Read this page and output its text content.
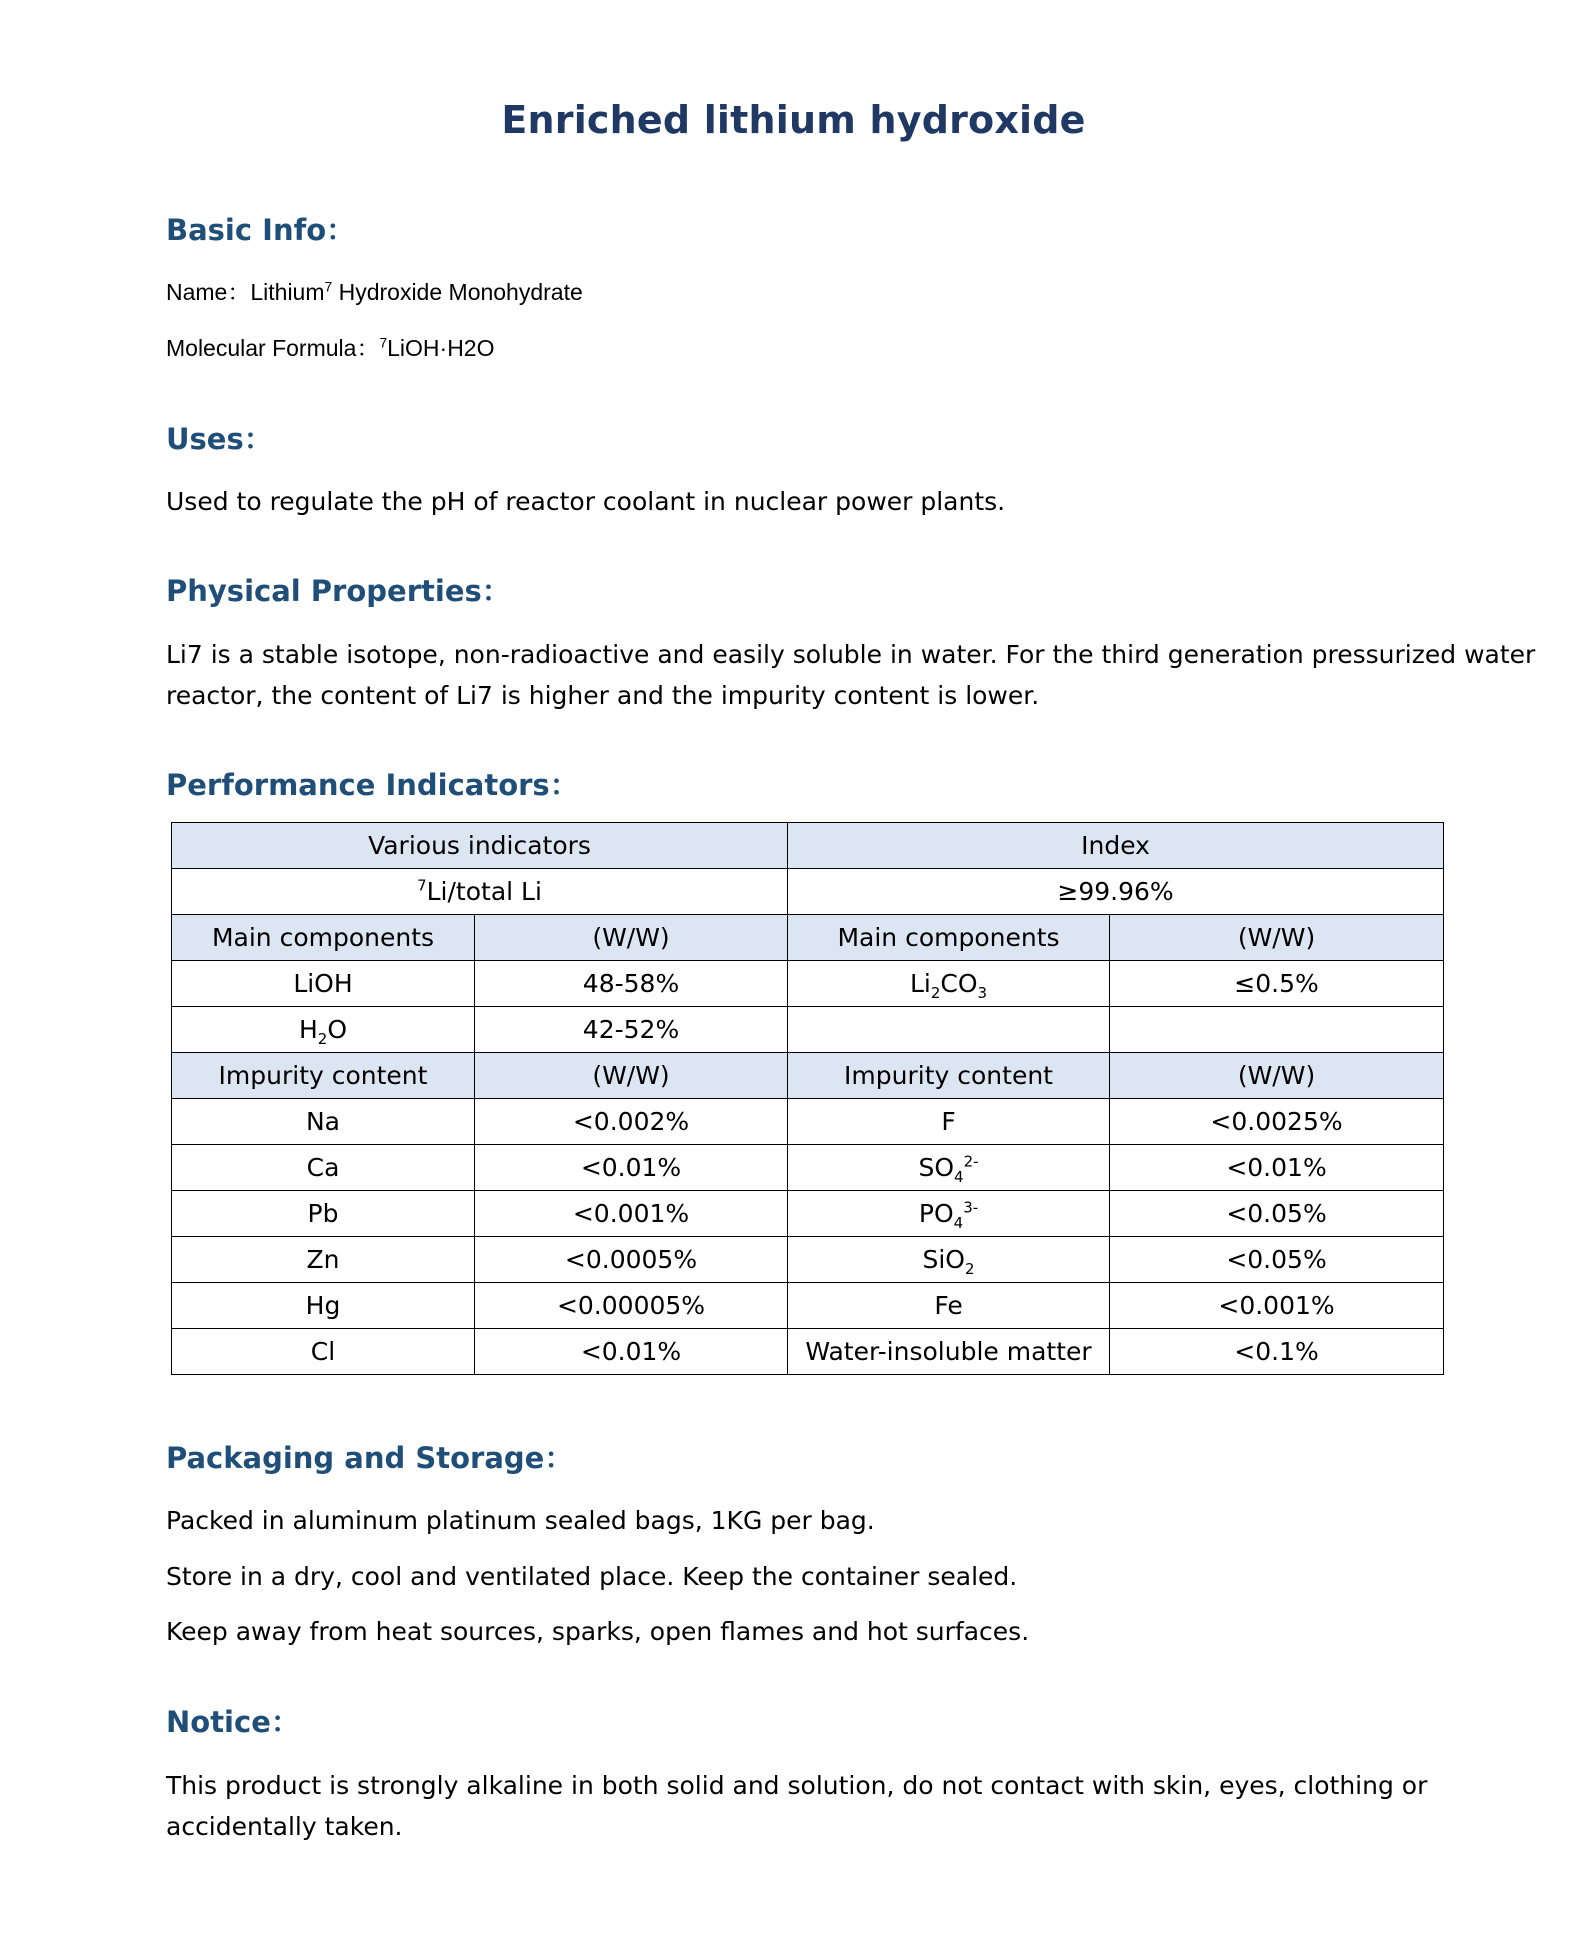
Enriched lithium hydroxide
Basic Info：
Name：Lithium$^7$ Hydroxide Monohydrate
Molecular Formula：$^7$LiOH·H2O
Uses：
Used to regulate the pH of reactor coolant in nuclear power plants.
Physical Properties：
Li7 is a stable isotope, non-radioactive and easily soluble in water. For the third generation pressurized water
reactor, the content of Li7 is higher and the impurity content is lower.
Performance Indicators：
Various indicators		Index	
$^7$Li/total Li		≥99.96%	
Main components	(W/W)	Main components	(W/W)
LiOH	48-58%	$Li_2CO_3$	≤0.5%
$H_2O$	42-52%		
Impurity content	(W/W)	Impurity content	(W/W)
Na	<0.002%	F	<0.0025%
Ca	<0.01%	$SO_4^{2-}$	<0.01%
Pb	<0.001%	$PO_4^{3-}$	<0.05%
Zn	<0.0005%	SiO$_2$	<0.05%
Hg	<0.00005%	Fe	<0.001%
Cl	<0.01%	Water-insoluble matter	<0.1%
Packaging and Storage：
Packed in aluminum platinum sealed bags, 1KG per bag.
Store in a dry, cool and ventilated place. Keep the container sealed.
Keep away from heat sources, sparks, open flames and hot surfaces.
Notice：
This product is strongly alkaline in both solid and solution, do not contact with skin, eyes, clothing or
accidentally taken.
